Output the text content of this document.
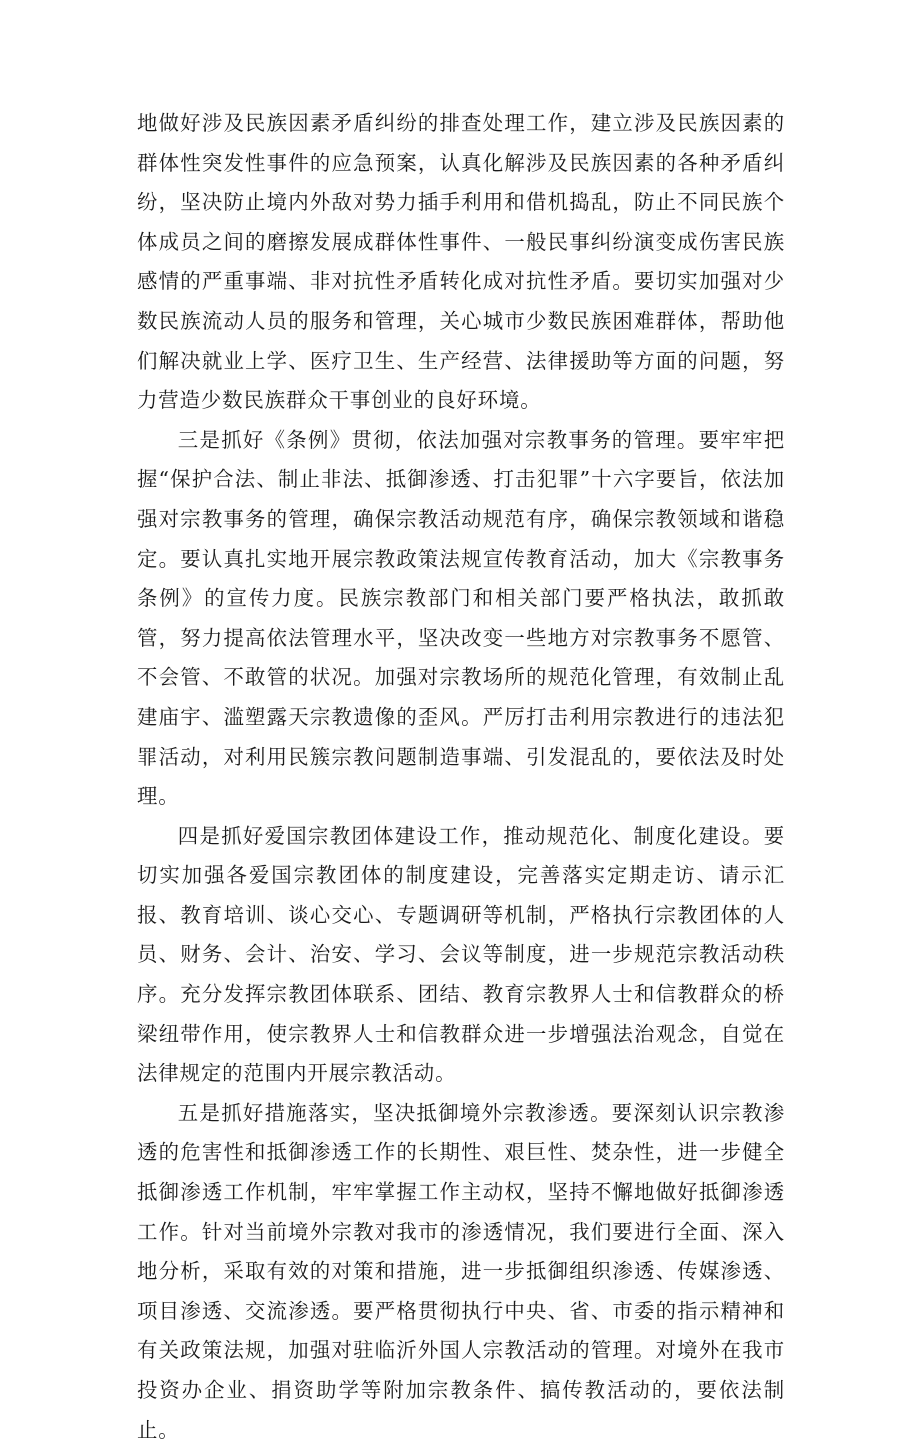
地做好涉及民族因素矛盾纠纷的排查处理工作，建立涉及民族因素的群体性突发性事件的应急预案，认真化解涉及民族因素的各种矛盾纠纷，坚决防止境内外敌对势力插手利用和借机捣乱，防止不同民族个体成员之间的磨擦发展成群体性事件、一般民事纠纷演变成伤害民族感情的严重事端、非对抗性矛盾转化成对抗性矛盾。要切实加强对少数民族流动人员的服务和管理，关心城市少数民族困难群体，帮助他们解决就业上学、医疗卫生、生产经营、法律援助等方面的问题，努力营造少数民族群众干事创业的良好环境。

三是抓好《条例》贯彻，依法加强对宗教事务的管理。要牢牢把握“保护合法、制止非法、抵御渗透、打击犯罪”十六字要旨，依法加强对宗教事务的管理，确保宗教活动规范有序，确保宗教领域和谐稳定。要认真扎实地开展宗教政策法规宣传教育活动，加大《宗教事务条例》的宣传力度。民族宗教部门和相关部门要严格执法，敢抓敢管，努力提高依法管理水平，坚决改变一些地方对宗教事务不愿管、不会管、不敢管的状况。加强对宗教场所的规范化管理，有效制止乱建庙宇、滥塑露天宗教遗像的歪风。严厉打击利用宗教进行的违法犯罪活动，对利用民簇宗教问题制造事端、引发混乱的，要依法及时处理。

四是抓好爱国宗教团体建设工作，推动规范化、制度化建设。要切实加强各爱国宗教团体的制度建设，完善落实定期走访、请示汇报、教育培训、谈心交心、专题调研等机制，严格执行宗教团体的人员、财务、会计、治安、学习、会议等制度，进一步规范宗教活动秩序。充分发挥宗教团体联系、团结、教育宗教界人士和信教群众的桥梁纽带作用，使宗教界人士和信教群众进一步增强法治观念，自觉在法律规定的范围内开展宗教活动。

五是抓好措施落实，坚决抵御境外宗教渗透。要深刻认识宗教渗透的危害性和抵御渗透工作的长期性、艰巨性、焚杂性，进一步健全抵御渗透工作机制，牢牢掌握工作主动权，坚持不懈地做好抵御渗透工作。针对当前境外宗教对我市的渗透情况，我们要进行全面、深入地分析，采取有效的对策和措施，进一步抵御组织渗透、传媒渗透、项目渗透、交流渗透。要严格贯彻执行中央、省、市委的指示精神和有关政策法规，加强对驻临沂外国人宗教活动的管理。对境外在我市投资办企业、捐资助学等附加宗教条件、搞传教活动的，要依法制止。
